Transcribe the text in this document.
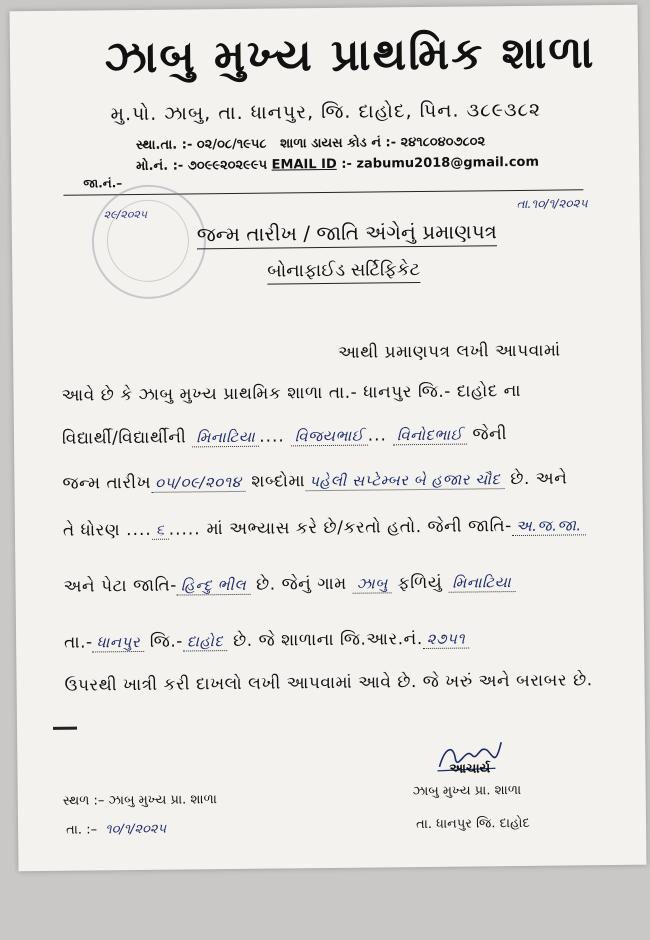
ઝાબુ મુખ્ય પ્રાથમિક શાળા
મુ.પો. ઝાબુ, તા. ધાનપુર, જિ. દાહોદ, પિન. ૩૮૯૩૮૨
સ્થા.તા. :- ૦૨/૦૮/૧૯૫૮ શાળા ડાયસ કોડ નં :- ૨૪૧૮૦૪૦૭૮૦૨
મો.નં. :- ૭૦૯૯૨૦૨૯૯૫ EMAIL ID :- zabumu2018@gmail.com
જા.નં.–
૨૯/૨૦૨૫
તા.૧૦/૧/૨૦૨૫
જન્મ તારીખ / જાતિ અંગેનું પ્રમાણપત્ર
બોનાફાઈડ સર્ટિફિકેટ
આથી પ્રમાણપત્ર લખી આપવામાં
આવે છે કે ઝાબુ મુખ્ય પ્રાથમિક શાળા તા.- ધાનપુર જિ.- દાહોદ ના
વિદ્યાર્થી/વિદ્યાર્થીની મિનાટિયા .... વિજયભાઈ ... વિનોદભાઈ જેની
જન્મ તારીખ ૦૫/૦૯/૨૦૧૪ શબ્દોમા પહેલી સપ્ટેમ્બર બે હજાર ચૌદ છે. અને
તે ધોરણ .... ૬ ..... માં અભ્યાસ કરે છે/કરતો હતો. જેની જાતિ- અ.જ.જા.
અને પેટા જાતિ- હિન્દુ ભીલ છે. જેનું ગામ ઝાબુ ફળિયું મિનાટિયા
તા.- ધાનપુર જિ.- દાહોદ છે. જે શાળાના જિ.આર.નં. ૨૭૫૧
ઉપરથી ખાત્રી કરી દાખલો લખી આપવામાં આવે છે. જે ખરું અને બરાબર છે.
આચાર્ય
ઝાબુ મુખ્ય પ્રા. શાળા
તા. ધાનપુર જિ. દાહોદ
સ્થળ :– ઝાબુ મુખ્ય પ્રા. શાળા
તા. :– ૧૦/૧/૨૦૨૫
